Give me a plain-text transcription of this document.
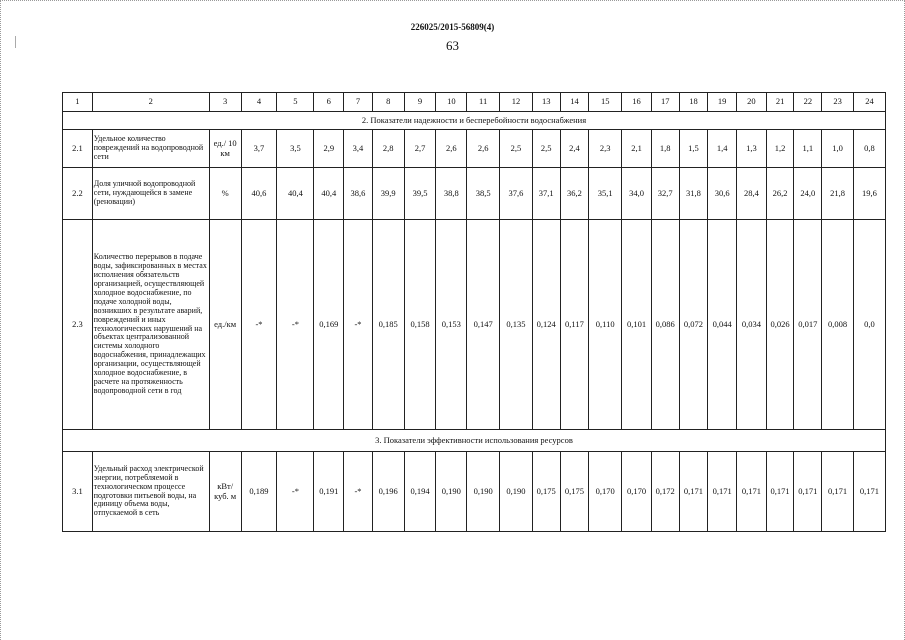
226025/2015-56809(4)
63
1	2	3	4	5	6	7	8	9	10	11	12	13	14	15	16	17	18	19	20	21	22	23	24
2. Показатели надежности и бесперебойности водоснабжения																							
2.1	Удельное количество повреждений на водопроводной сети	ед./ 10 км	3,7	3,5	2,9	3,4	2,8	2,7	2,6	2,6	2,5	2,5	2,4	2,3	2,1	1,8	1,5	1,4	1,3	1,2	1,1	1,0	0,8
2.2	Доля уличной водопроводной сети, нуждающейся в замене (реновации)	%	40,6	40,4	40,4	38,6	39,9	39,5	38,8	38,5	37,6	37,1	36,2	35,1	34,0	32,7	31,8	30,6	28,4	26,2	24,0	21,8	19,6
2.3	Количество перерывов в подаче воды, зафиксированных в местах исполнения обязательств организацией, осуществляющей холодное водоснабжение, по подаче холодной воды, возникших в результате аварий, повреждений и иных технологических нарушений на объектах централизованной системы холодного водоснабжения, принадлежащих организации, осуществляющей холодное водоснабжение, в расчете на протяженность водопроводной сети в год	ед./км	-*	-*	0,169	-*	0,185	0,158	0,153	0,147	0,135	0,124	0,117	0,110	0,101	0,086	0,072	0,044	0,034	0,026	0,017	0,008	0,0
3. Показатели эффективности использования ресурсов																							
3.1	Удельный расход электрической энергии, потребляемой в технологическом процессе подготовки питьевой воды, на единицу объема воды, отпускаемой в сеть	кВт/ куб. м	0,189	-*	0,191	-*	0,196	0,194	0,190	0,190	0,190	0,175	0,175	0,170	0,170	0,172	0,171	0,171	0,171	0,171	0,171	0,171	0,171
